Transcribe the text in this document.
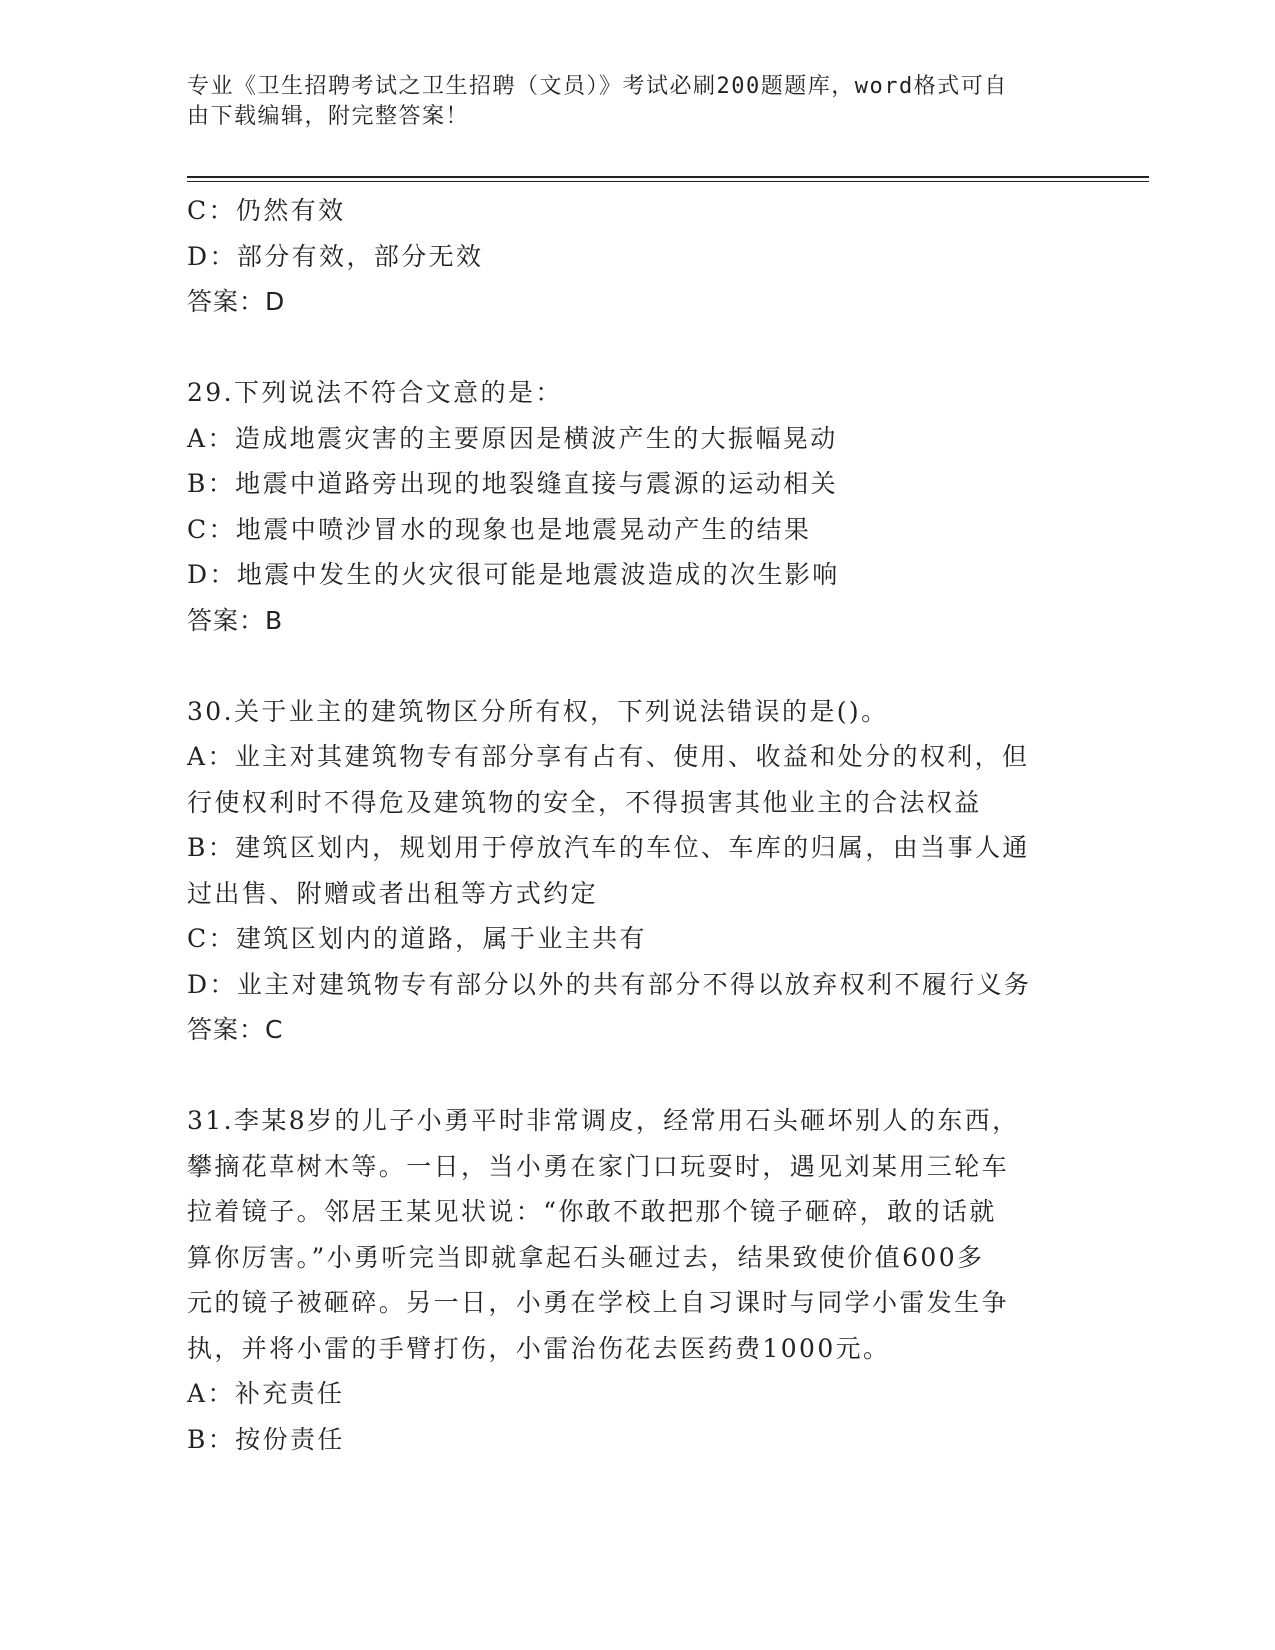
专业《卫生招聘考试之卫生招聘（文员）》考试必刷200题题库，word格式可自
由下载编辑，附完整答案！
C：仍然有效
D：部分有效，部分无效
答案：D
29.下列说法不符合文意的是：
A：造成地震灾害的主要原因是横波产生的大振幅晃动
B：地震中道路旁出现的地裂缝直接与震源的运动相关
C：地震中喷沙冒水的现象也是地震晃动产生的结果
D：地震中发生的火灾很可能是地震波造成的次生影响
答案：B
30.关于业主的建筑物区分所有权，下列说法错误的是()。
A：业主对其建筑物专有部分享有占有、使用、收益和处分的权利，但
行使权利时不得危及建筑物的安全，不得损害其他业主的合法权益
B：建筑区划内，规划用于停放汽车的车位、车库的归属，由当事人通
过出售、附赠或者出租等方式约定
C：建筑区划内的道路，属于业主共有
D：业主对建筑物专有部分以外的共有部分不得以放弃权利不履行义务
答案：C
31.李某8岁的儿子小勇平时非常调皮，经常用石头砸坏别人的东西，
攀摘花草树木等。一日，当小勇在家门口玩耍时，遇见刘某用三轮车
拉着镜子。邻居王某见状说：“你敢不敢把那个镜子砸碎，敢的话就
算你厉害。”小勇听完当即就拿起石头砸过去，结果致使价值600多
元的镜子被砸碎。另一日，小勇在学校上自习课时与同学小雷发生争
执，并将小雷的手臂打伤，小雷治伤花去医药费1000元。
A：补充责任
B：按份责任
